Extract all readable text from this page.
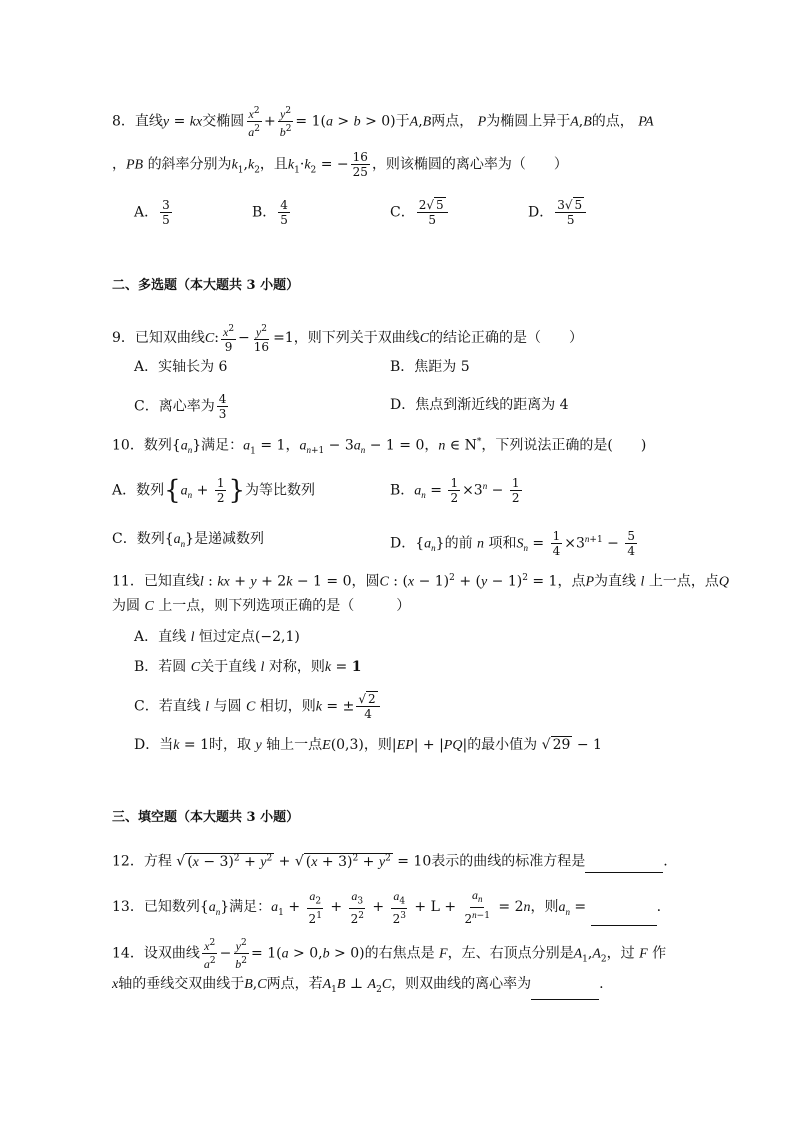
8．直线y = kx交椭圆 $\frac{x^2}{a^2} + \frac{y^2}{b^2} = 1(a > b > 0)$于A,B两点， P为椭圆上异于A,B的点， PA
，PB 的斜率分别为$k_1,k_2$，且$k_1\cdot k_2$ = − $\frac{16}{25}$ ，则该椭圆的离心率为（　　）
A． $\frac{3}{5}$	B． $\frac{4}{5}$	C． $\frac{2√ 5}{5}$	D． $\frac{3√ 5}{5}$
二、多选题（本大题共 3 小题）
9．已知双曲线C: $\frac{x^2}{9} - \frac{y^2}{16} =1$，则下列关于双曲线C的结论正确的是（　　）
A．实轴长为 6	B．焦距为 5
C．离心率为 $\frac{4}{3}$	D．焦点到渐近线的距离为 4
10．数列$\{a_n\}$满足：$a_1 = 1$，$a_{n+1} - 3a_n - 1 = 0$，n ∈ N*，下列说法正确的是(　　)
A．数列{$a_n + \frac{1}{2}$ }为等比数列	B．$a_n = \frac{1}{2} \times 3^n - \frac{1}{2}$
C．数列$\{a_n\}$是递减数列	D．$\{a_n\}$的前 n 项和$S_n = \frac{1}{4} \times 3^{n+1} - \frac{5}{4}$
11．已知直线l : kx + y + 2k − 1 = 0，圆C : $(x - 1)^2 + (y - 1)^2 = 1$，点P为直线 l 上一点，点Q
为圆 C 上一点，则下列选项正确的是（　　　）
A．直线 l 恒过定点(−2,1)
B．若圆 C关于直线 l 对称，则k = 1
C．若直线 l 与圆 C 相切，则k = ± $\frac{√ 2}{4}$
D．当k = 1时，取 y 轴上一点E(0,3)，则|EP| + |PQ|的最小值为 √ 29 − 1
三、填空题（本大题共 3 小题）
12．方程 √ $(x - 3)^2 + y^2$ + √ $(x + 3)^2 + y^2 = 10$表示的曲线的标准方程是	.
13．已知数列$\{a_n\}$满足：$a_1 + \frac{a_2}{2^1} + \frac{a_3}{2^2} + \frac{a_4}{2^3} + L + \frac{a_n}{2^{n-1}} = 2n$，则$a_n$ =	.
14．设双曲线 $\frac{x^2}{a^2} - \frac{y^2}{b^2} = 1(a > 0,b > 0)$的右焦点是 F，左、右顶点分别是$A_1,A_2$，过 F 作
x轴的垂线交双曲线于B,C两点，若$A_1B$ ⊥ $A_2C$，则双曲线的离心率为	.
